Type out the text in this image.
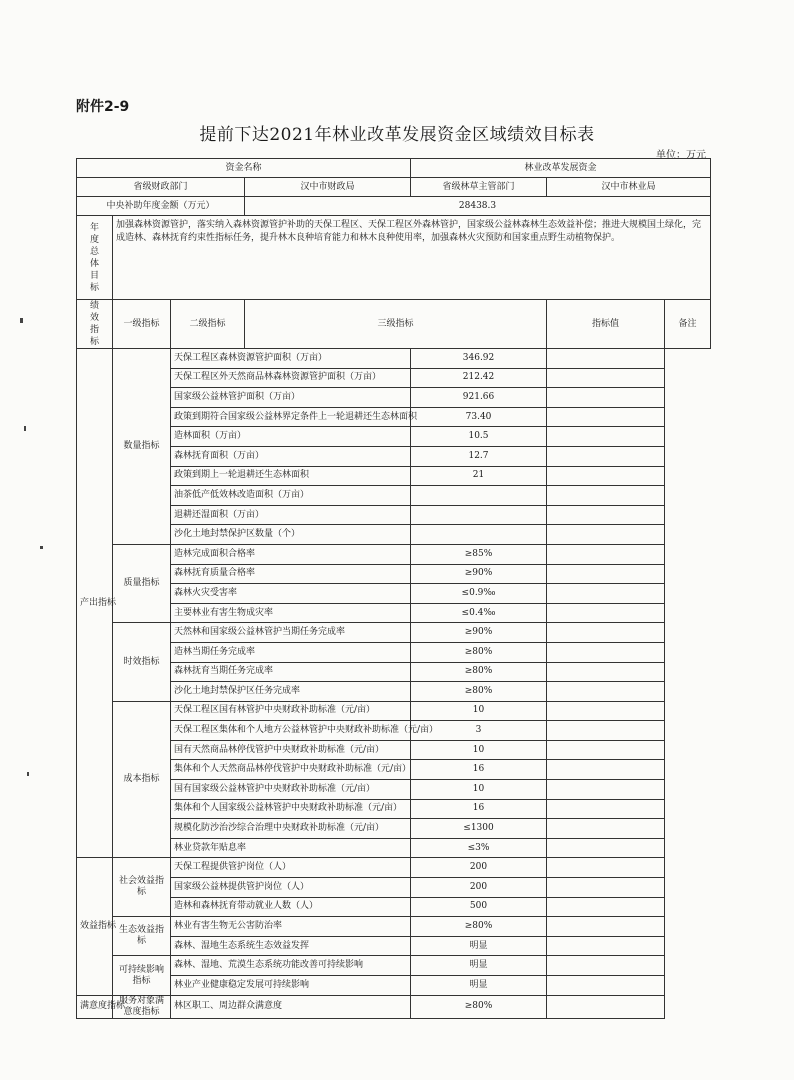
附件2-9
提前下达2021年林业改革发展资金区域绩效目标表
单位：万元
资金名称				林业改革发展资金		
省级财政部门			汉中市财政局	省级林草主管部门	汉中市林业局	
中央补助年度金额（万元）			28438.3			
年度总体目标	加强森林资源管护，落实纳入森林资源管护补助的天保工程区、天保工程区外森林管护，国家级公益林森林生态效益补偿；推进大规模国土绿化，完成造林、森林抚育约束性指标任务，提升林木良种培育能力和林木良种使用率，加强森林火灾预防和国家重点野生动植物保护。					
绩效指标	一级指标	二级指标	三级指标		指标值	备注
产出指标	数量指标	天保工程区森林资源管护面积（万亩）		346.92		
		天保工程区外天然商品林森林资源管护面积（万亩）		212.42		
		国家级公益林管护面积（万亩）		921.66		
		政策到期符合国家级公益林界定条件上一轮退耕还生态林面积		73.40		
		造林面积（万亩）		10.5		
		森林抚育面积（万亩）		12.7		
		政策到期上一轮退耕还生态林面积		21		
		油茶低产低效林改造面积（万亩）				
		退耕还湿面积（万亩）				
		沙化土地封禁保护区数量（个）				
	质量指标	造林完成面积合格率		≥85%		
		森林抚育质量合格率		≥90%		
		森林火灾受害率		≤0.9‰		
		主要林业有害生物成灾率		≤0.4‰		
	时效指标	天然林和国家级公益林管护当期任务完成率		≥90%		
		造林当期任务完成率		≥80%		
		森林抚育当期任务完成率		≥80%		
		沙化土地封禁保护区任务完成率		≥80%		
	成本指标	天保工程区国有林管护中央财政补助标准（元/亩）		10		
		天保工程区集体和个人地方公益林管护中央财政补助标准（元/亩）		3		
		国有天然商品林停伐管护中央财政补助标准（元/亩）		10		
		集体和个人天然商品林停伐管护中央财政补助标准（元/亩）		16		
		国有国家级公益林管护中央财政补助标准（元/亩）		10		
		集体和个人国家级公益林管护中央财政补助标准（元/亩）		16		
		规模化防沙治沙综合治理中央财政补助标准（元/亩）		≤1300		
		林业贷款年贴息率		≤3%		
效益指标	社会效益指标	天保工程提供管护岗位（人）		200		
		国家级公益林提供管护岗位（人）		200		
		造林和森林抚育带动就业人数（人）		500		
	生态效益指标	林业有害生物无公害防治率		≥80%		
		森林、湿地生态系统生态效益发挥		明显		
	可持续影响指标	森林、湿地、荒漠生态系统功能改善可持续影响		明显		
		林业产业健康稳定发展可持续影响		明显		
满意度指标	服务对象满意度指标	林区职工、周边群众满意度		≥80%		
